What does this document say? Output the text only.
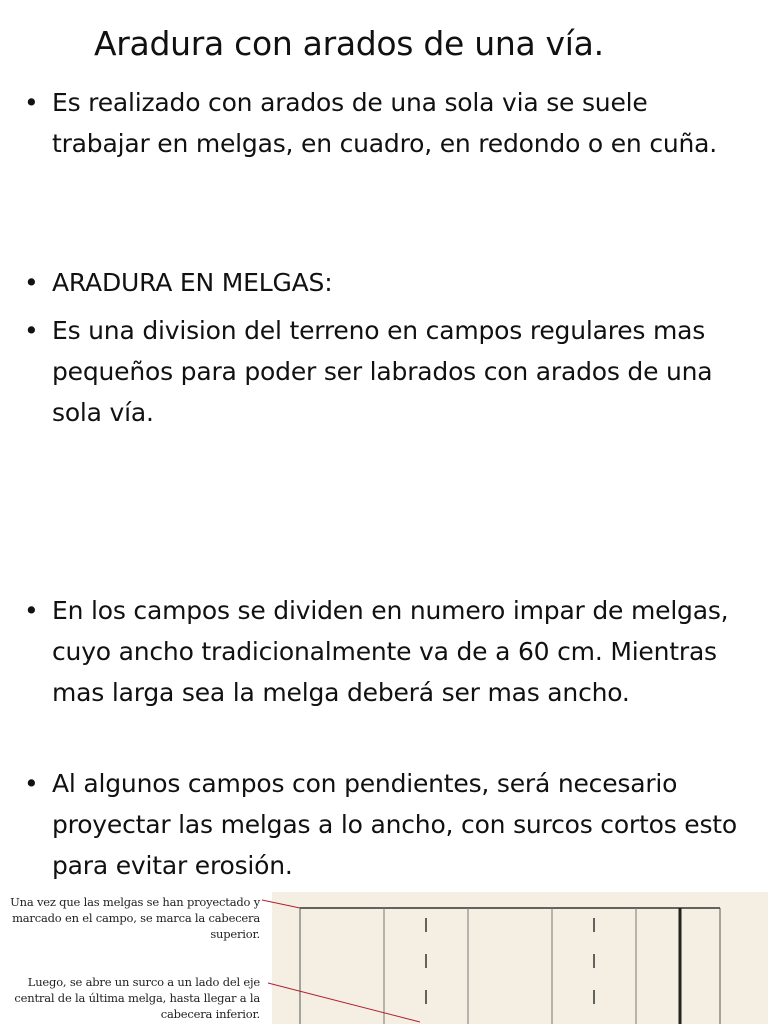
Aradura con arados de una vía.
• Es realizado con arados de una sola via se suele trabajar en melgas, en cuadro, en redondo o en cuña.
• ARADURA EN MELGAS:
• Es una division del terreno en campos regulares mas pequeños para poder ser labrados con arados de una sola vía.
• En los campos se dividen en numero impar de melgas, cuyo ancho tradicionalmente va de a 60 cm. Mientras mas larga sea la melga deberá ser mas ancho.
• Al algunos campos con pendientes, será necesario proyectar las melgas a lo ancho, con surcos cortos esto para evitar erosión.
Una vez que las melgas se han proyectado y marcado en el campo, se marca la cabecera superior.
Luego, se abre un surco a un lado del eje central de la última melga, hasta llegar a la cabecera inferior.
